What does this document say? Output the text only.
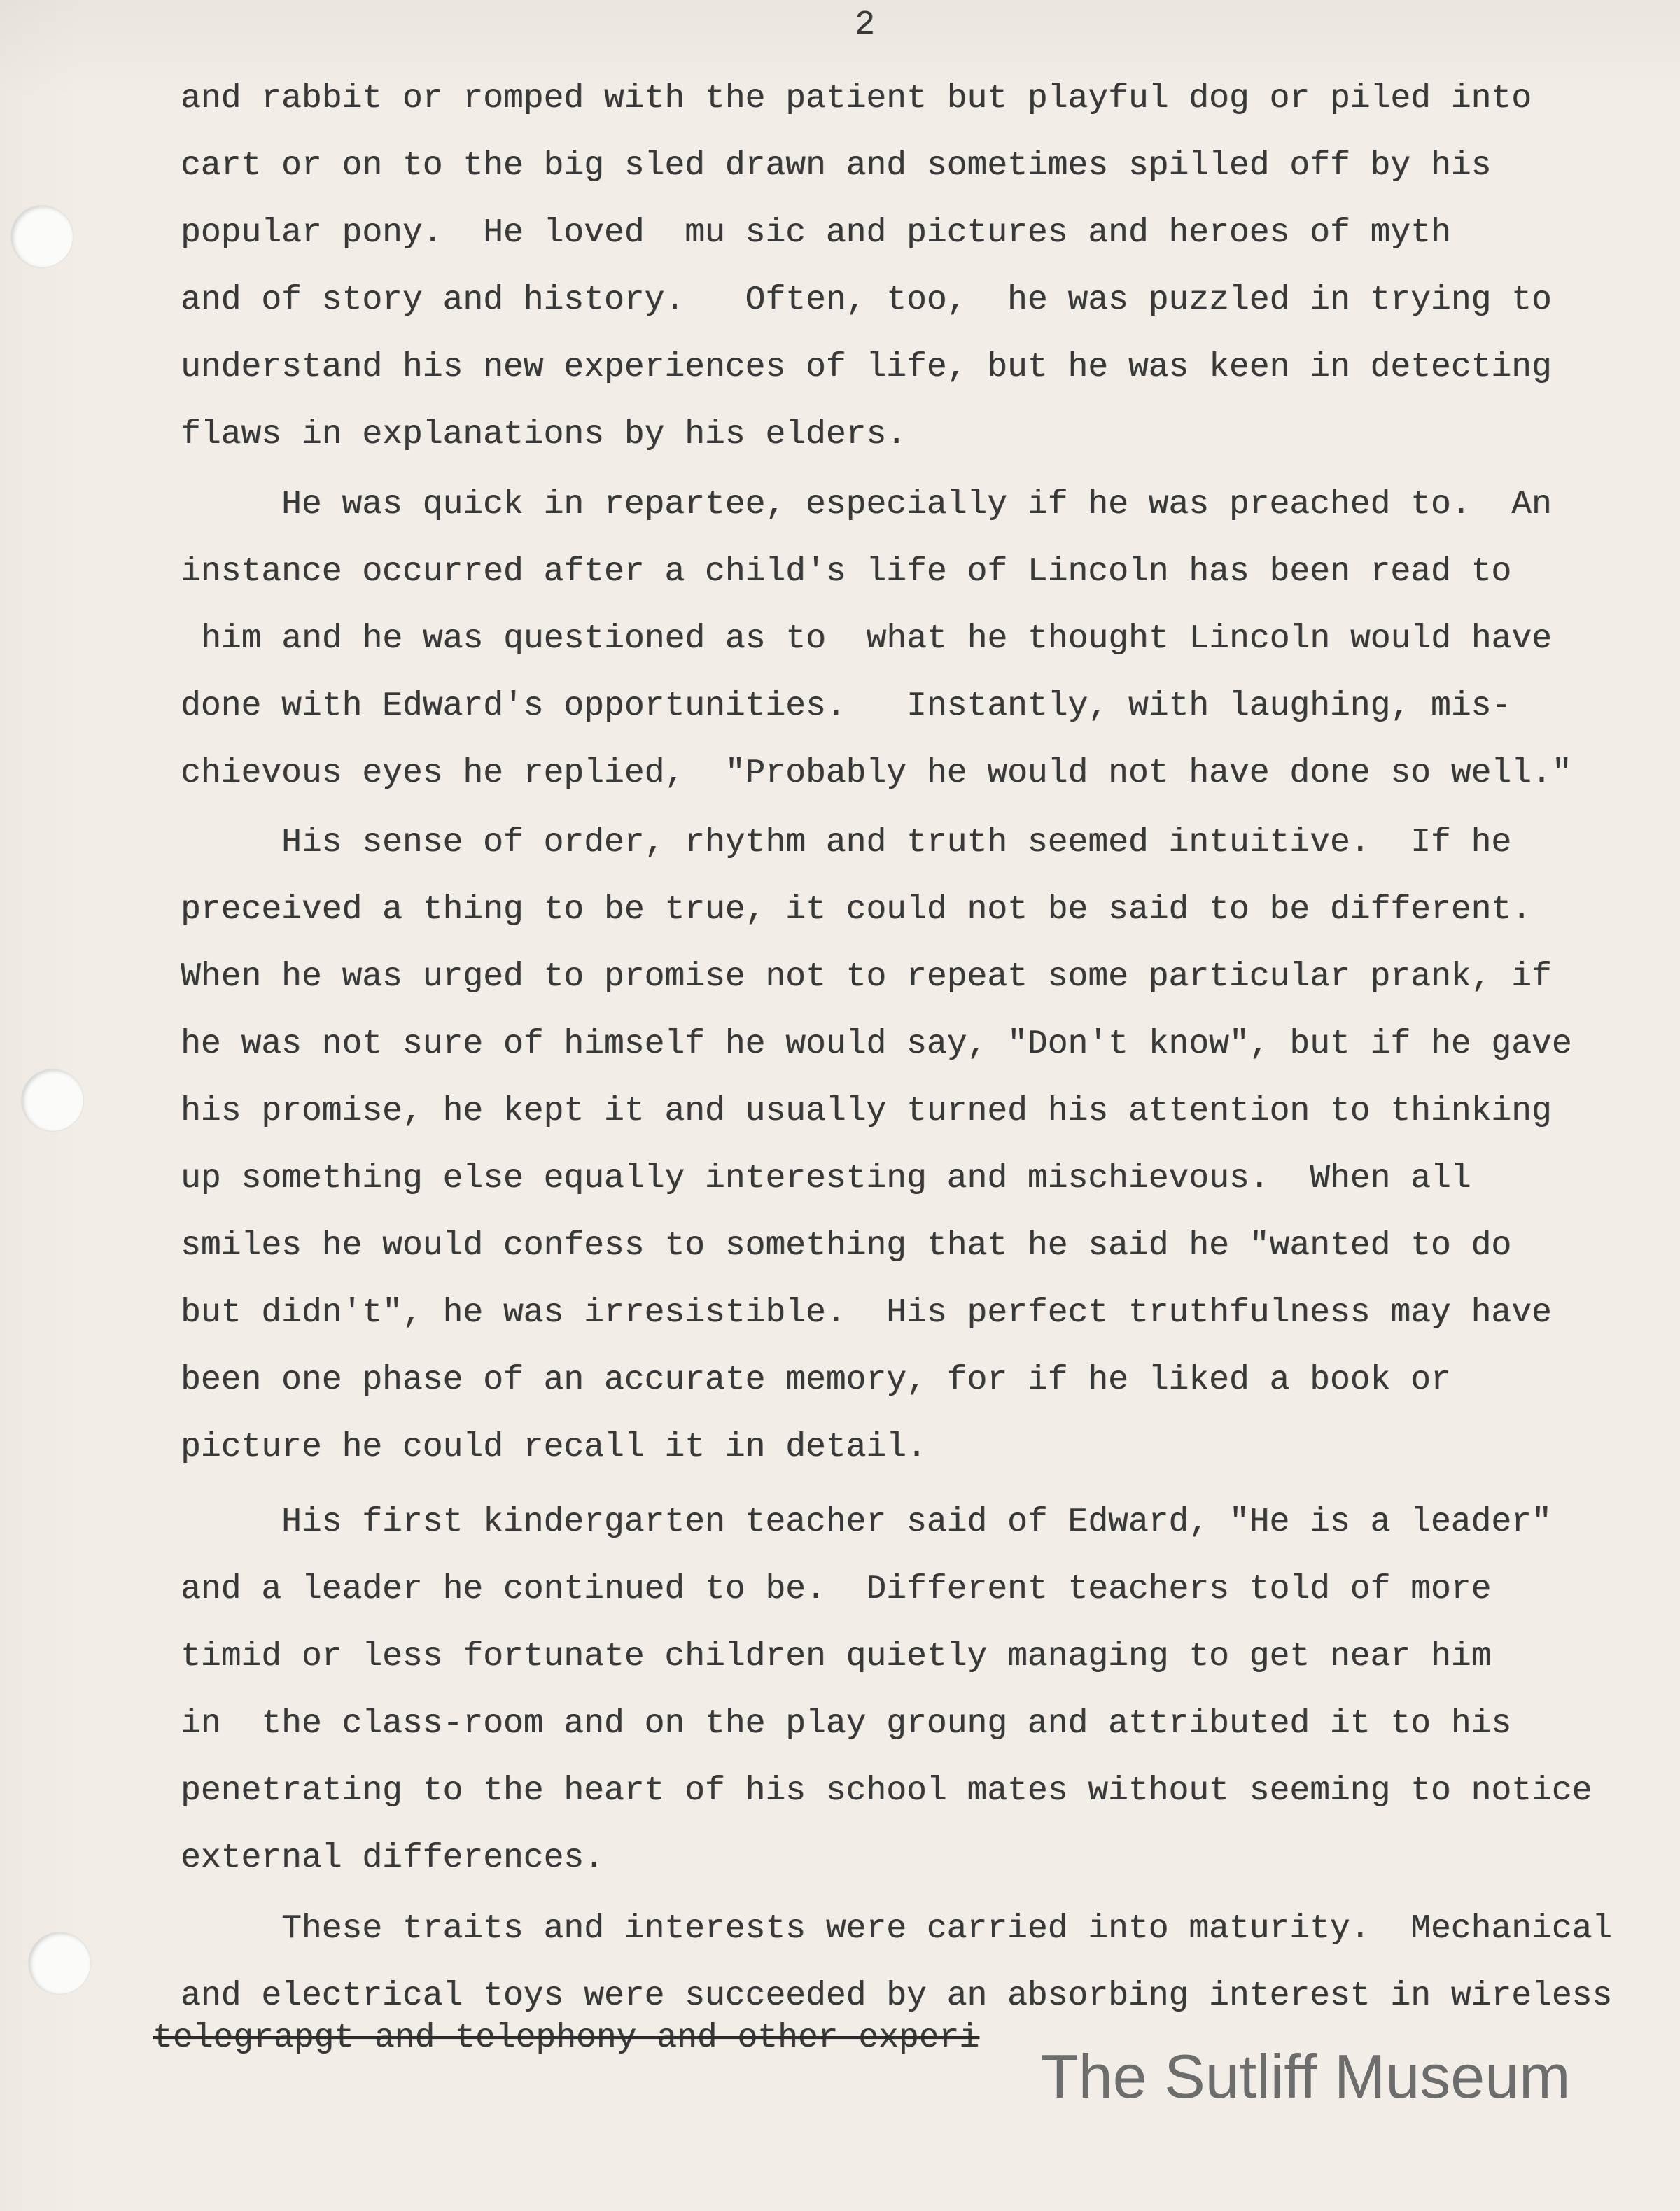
2
and rabbit or romped with the patient but playful dog or piled into
cart or on to the big sled drawn and sometimes spilled off by his
popular pony.  He loved  mu sic and pictures and heroes of myth
and of story and history.   Often, too,  he was puzzled in trying to
understand his new experiences of life, but he was keen in detecting
flaws in explanations by his elders.
He was quick in repartee, especially if he was preached to.  An
instance occurred after a child's life of Lincoln has been read to
him and he was questioned as to  what he thought Lincoln would have
done with Edward's opportunities.   Instantly, with laughing, mis-
chievous eyes he replied,  "Probably he would not have done so well."
His sense of order, rhythm and truth seemed intuitive.  If he
preceived a thing to be true, it could not be said to be different.
When he was urged to promise not to repeat some particular prank, if
he was not sure of himself he would say, "Don't know", but if he gave
his promise, he kept it and usually turned his attention to thinking
up something else equally interesting and mischievous.  When all
smiles he would confess to something that he said he "wanted to do
but didn't", he was irresistible.  His perfect truthfulness may have
been one phase of an accurate memory, for if he liked a book or
picture he could recall it in detail.
His first kindergarten teacher said of Edward, "He is a leader"
and a leader he continued to be.  Different teachers told of more
timid or less fortunate children quietly managing to get near him
in  the class-room and on the play groung and attributed it to his
penetrating to the heart of his school mates without seeming to notice
external differences.
These traits and interests were carried into maturity.  Mechanical
and electrical toys were succeeded by an absorbing interest in wireless
telegrapgt and telephony and other experi
The Sutliff Museum
